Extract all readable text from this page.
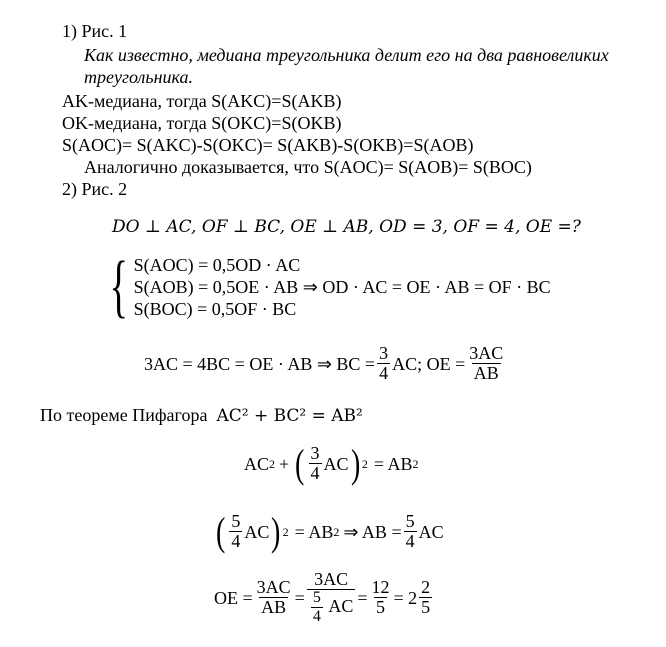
1) Рис. 1
Как известно, медиана треугольника делит его на два равновеликих
треугольника.
AK-медиана, тогда S(AKC)=S(AKB)
OK-медиана, тогда S(OKC)=S(OKB)
S(AOC)= S(AKC)-S(OKC)= S(AKB)-S(OKB)=S(AOB)
Аналогично доказывается, что S(AOC)= S(AOB)= S(BOC)
2) Рис. 2
DO ⊥ AC, OF ⊥ BC, OE ⊥ AB, OD = 3, OF = 4, OE =?
{ S(AOC) = 0,5OD · AC
S(AOB) = 0,5OE · AB ⇒ OD · AC = OE · AB = OF · BC
S(BOC) = 0,5OF · BC
3AC = 4BC = OE · AB ⇒ BC = $\frac{3}{4}$ AC; OE = $\frac{3AC}{AB}$
По теореме Пифагора AC² + BC² = AB²
AC 2 + ( $\frac{3}{4}$ AC ) 2 = AB 2
( $\frac{5}{4}$ AC ) 2 = AB 2 ⇒ AB = $\frac{5}{4}$ AC
OE = $\frac{3AC}{AB} = \frac{3AC}{\frac{5}{4} AC} = \frac{12}{5} = 2 \frac{2}{5}$
